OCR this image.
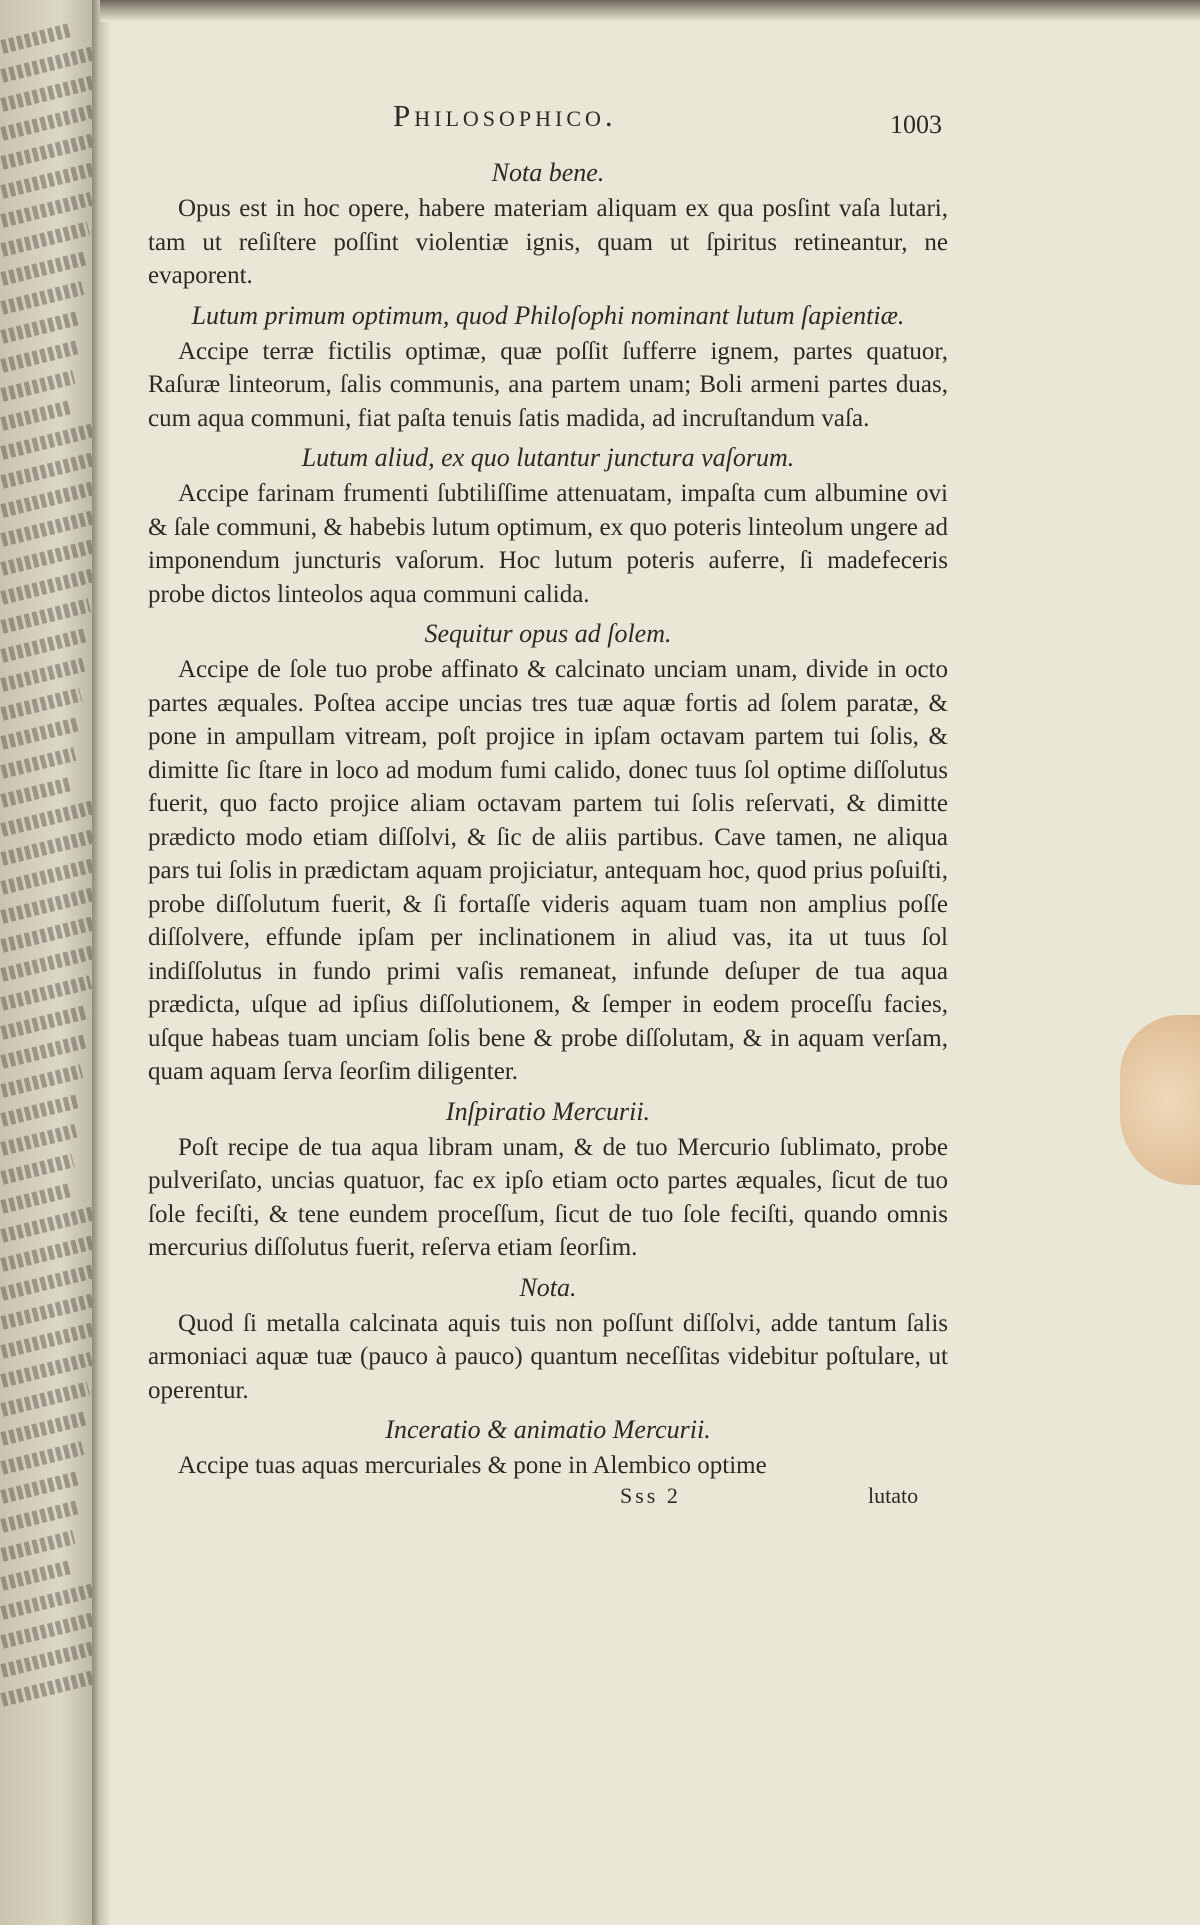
Philosophico.	1003
Nota bene.

Opus est in hoc opere, habere materiam aliquam ex qua posſint vaſa lutari, tam ut reſiſtere poſſint violentiæ ignis, quam ut ſpiritus retineantur, ne evaporent.

Lutum primum optimum, quod Philoſophi nominant lutum ſapientiæ.

Accipe terræ fictilis optimæ, quæ poſſit ſufferre ignem, partes quatuor, Raſuræ linteorum, ſalis communis, ana partem unam; Boli armeni partes duas, cum aqua communi, fiat paſta tenuis ſatis madida, ad incruſtandum vaſa.

Lutum aliud, ex quo lutantur junctura vaſorum.

Accipe farinam frumenti ſubtiliſſime attenuatam, impaſta cum albumine ovi & ſale communi, & habebis lutum optimum, ex quo poteris linteolum ungere ad imponendum juncturis vaſorum. Hoc lutum poteris auferre, ſi madefeceris probe dictos linteolos aqua communi calida.

Sequitur opus ad ſolem.

Accipe de ſole tuo probe affinato & calcinato unciam unam, divide in octo partes æquales. Poſtea accipe uncias tres tuæ aquæ fortis ad ſolem paratæ, & pone in ampullam vitream, poſt projice in ipſam octavam partem tui ſolis, & dimitte ſic ſtare in loco ad modum fumi calido, donec tuus ſol optime diſſolutus fuerit, quo facto projice aliam octavam partem tui ſolis reſervati, & dimitte prædicto modo etiam diſſolvi, & ſic de aliis partibus. Cave tamen, ne aliqua pars tui ſolis in prædictam aquam projiciatur, antequam hoc, quod prius poſuiſti, probe diſſolutum fuerit, & ſi fortaſſe videris aquam tuam non amplius poſſe diſſolvere, effunde ipſam per inclinationem in aliud vas, ita ut tuus ſol indiſſolutus in fundo primi vaſis remaneat, infunde deſuper de tua aqua prædicta, uſque ad ipſius diſſolutionem, & ſemper in eodem proceſſu facies, uſque habeas tuam unciam ſolis bene & probe diſſolutam, & in aquam verſam, quam aquam ſerva ſeorſim diligenter.

Inſpiratio Mercurii.

Poſt recipe de tua aqua libram unam, & de tuo Mercurio ſublimato, probe pulveriſato, uncias quatuor, fac ex ipſo etiam octo partes æquales, ſicut de tuo ſole feciſti, & tene eundem proceſſum, ſicut de tuo ſole feciſti, quando omnis mercurius diſſolutus fuerit, reſerva etiam ſeorſim.

Nota.

Quod ſi metalla calcinata aquis tuis non poſſunt diſſolvi, adde tantum ſalis armoniaci aquæ tuæ (pauco à pauco) quantum neceſſitas videbitur poſtulare, ut operentur.

Inceratio & animatio Mercurii.

Accipe tuas aquas mercuriales & pone in Alembico optime

Sss 2	lutato
